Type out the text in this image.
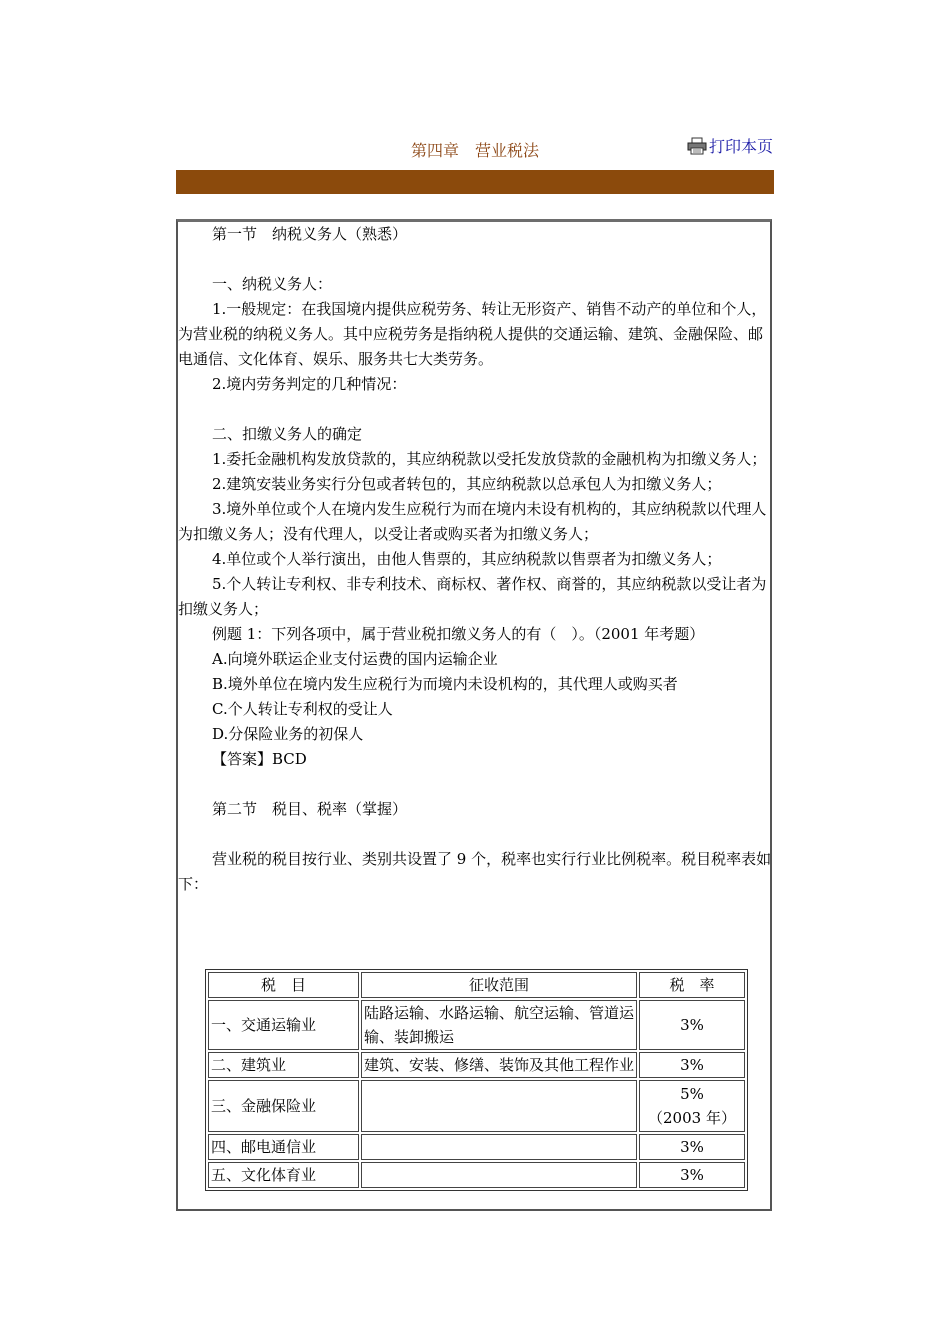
第四章　营业税法	打印本页

第一节　纳税义务人（熟悉）

一、纳税义务人：

1.一般规定：在我国境内提供应税劳务、转让无形资产、销售不动产的单位和个人，为营业税的纳税义务人。其中应税劳务是指纳税人提供的交通运输、建筑、金融保险、邮电通信、文化体育、娱乐、服务共七大类劳务。

2.境内劳务判定的几种情况：

二、扣缴义务人的确定

1.委托金融机构发放贷款的，其应纳税款以受托发放贷款的金融机构为扣缴义务人；

2.建筑安装业务实行分包或者转包的，其应纳税款以总承包人为扣缴义务人；

3.境外单位或个人在境内发生应税行为而在境内未设有机构的，其应纳税款以代理人为扣缴义务人；没有代理人，以受让者或购买者为扣缴义务人；

4.单位或个人举行演出，由他人售票的，其应纳税款以售票者为扣缴义务人；

5.个人转让专利权、非专利技术、商标权、著作权、商誉的，其应纳税款以受让者为扣缴义务人；

例题 1：下列各项中，属于营业税扣缴义务人的有（　）。（2001 年考题）

A.向境外联运企业支付运费的国内运输企业

B.境外单位在境内发生应税行为而境内未设机构的，其代理人或购买者

C.个人转让专利权的受让人

D.分保险业务的初保人

【答案】BCD

第二节　税目、税率（掌握）

营业税的税目按行业、类别共设置了 9 个，税率也实行行业比例税率。税目税率表如下：

税　目	征收范围	税　率
一、交通运输业	陆路运输、水路运输、航空运输、管道运输、装卸搬运	3%
二、建筑业	建筑、安装、修缮、装饰及其他工程作业	3%
三、金融保险业		5%
（2003 年）

四、邮电通信业		3%
五、文化体育业		3%
